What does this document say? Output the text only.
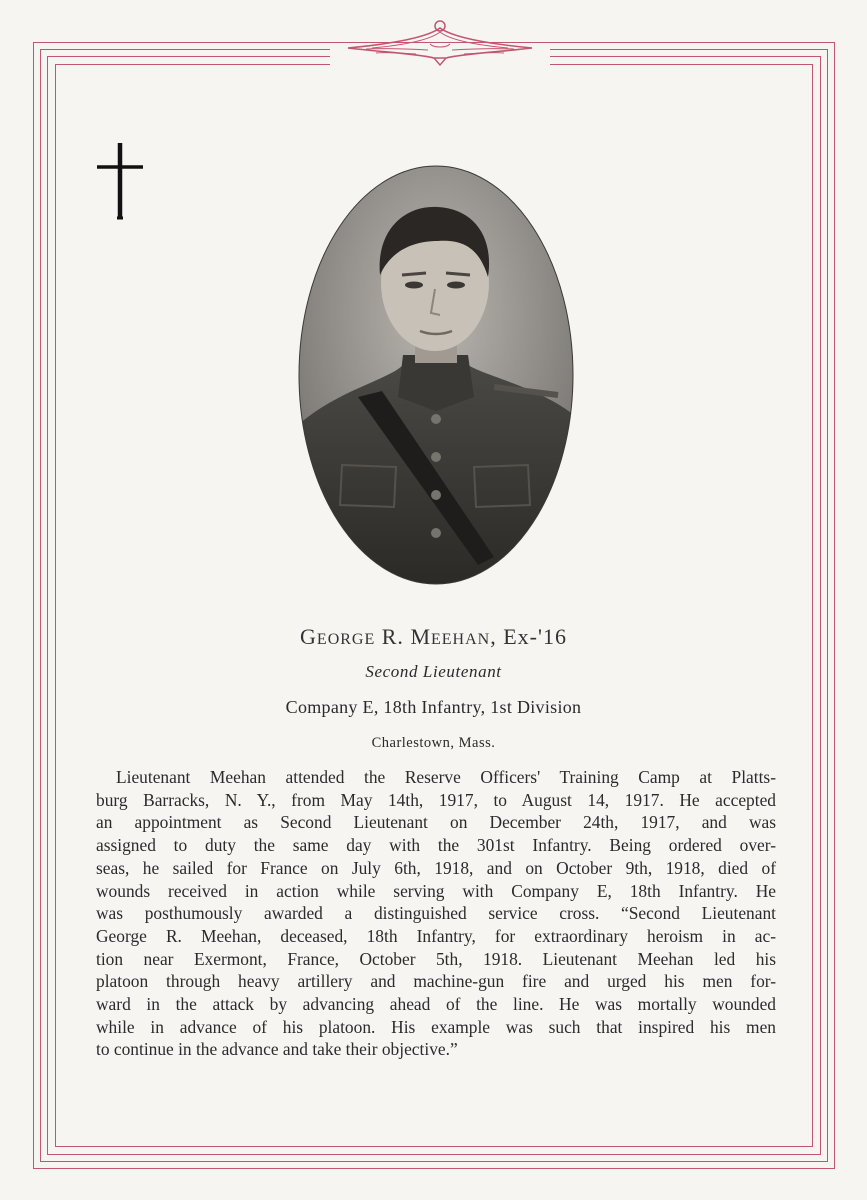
GEORGE R. MEEHAN, Ex-'16
Second Lieutenant
Company E, 18th Infantry, 1st Division
Charlestown, Mass.
Lieutenant Meehan attended the Reserve Officers' Training Camp at Platts-
burg Barracks, N. Y., from May 14th, 1917, to August 14, 1917. He accepted
an appointment as Second Lieutenant on December 24th, 1917, and was
assigned to duty the same day with the 301st Infantry. Being ordered over-
seas, he sailed for France on July 6th, 1918, and on October 9th, 1918, died of
wounds received in action while serving with Company E, 18th Infantry. He
was posthumously awarded a distinguished service cross. “Second Lieutenant
George R. Meehan, deceased, 18th Infantry, for extraordinary heroism in ac-
tion near Exermont, France, October 5th, 1918. Lieutenant Meehan led his
platoon through heavy artillery and machine-gun fire and urged his men for-
ward in the attack by advancing ahead of the line. He was mortally wounded
while in advance of his platoon. His example was such that inspired his men
to continue in the advance and take their objective.”
